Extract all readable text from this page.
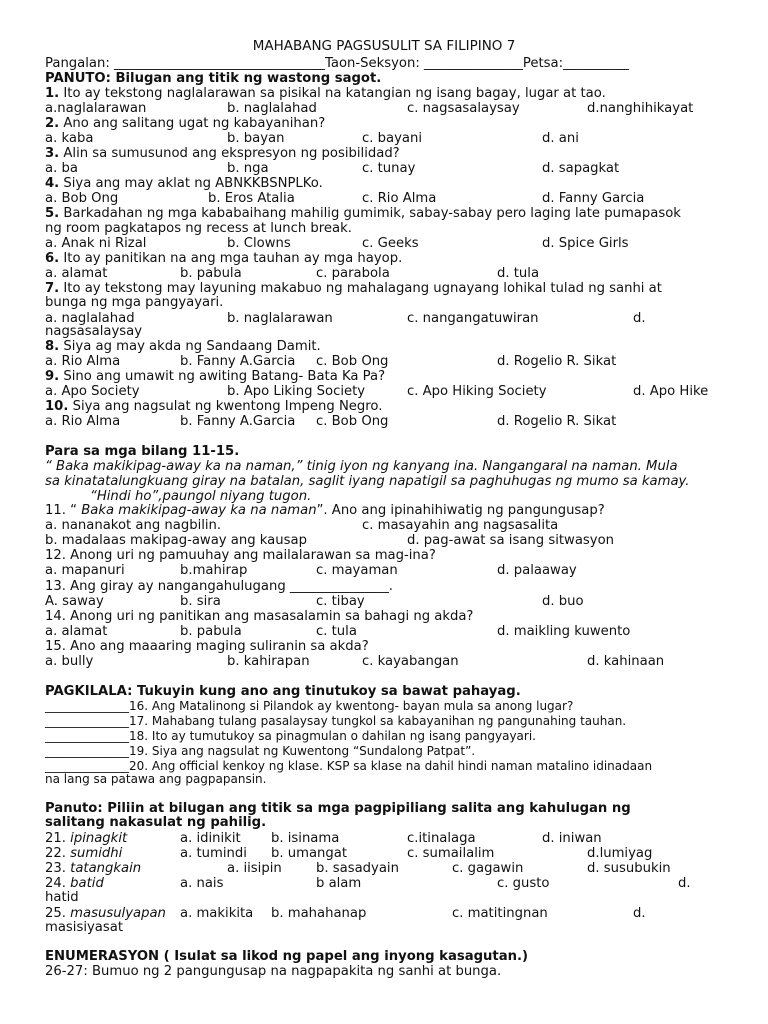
MAHABANG PAGSUSULIT SA FILIPINO 7
Pangalan: ________________________________Taon-Seksyon: _______________Petsa:__________
PANUTO: Bilugan ang titik ng wastong sagot.
1. Ito ay tekstong naglalarawan sa pisikal na katangian ng isang bagay, lugar at tao.
a.naglalarawan	b. naglalahad	c. nagsasalaysay	d.nanghihikayat
2. Ano ang salitang ugat ng kabayanihan?
a. kaba	b. bayan	c. bayani	d. ani
3. Alin sa sumusunod ang ekspresyon ng posibilidad?
a. ba	b. nga	c. tunay	d. sapagkat
4. Siya ang may aklat ng ABNKKBSNPLKo.
a. Bob Ong	b. Eros Atalia	c. Rio Alma	d. Fanny Garcia
5. Barkadahan ng mga kababaihang mahilig gumimik, sabay-sabay pero laging late pumapasok
ng room pagkatapos ng recess at lunch break.
a. Anak ni Rizal	b. Clowns	c. Geeks	d. Spice Girls
6. Ito ay panitikan na ang mga tauhan ay mga hayop.
a. alamat	b. pabula	c. parabola	d. tula
7. Ito ay tekstong may layuning makabuo ng mahalagang ugnayang lohikal tulad ng sanhi at
bunga ng mga pangyayari.
a. naglalahad	b. naglalarawan	c. nangangatuwiran	d.
nagsasalaysay
8. Siya ag may akda ng Sandaang Damit.
a. Rio Alma	b. Fanny A.Garcia c. Bob Ong	d. Rogelio R. Sikat
9. Sino ang umawit ng awiting Batang- Bata Ka Pa?
a. Apo Society	b. Apo Liking Society	c. Apo Hiking Society	d. Apo Hike
10. Siya ang nagsulat ng kwentong Impeng Negro.
a. Rio Alma	b. Fanny A.Garcia c. Bob Ong	d. Rogelio R. Sikat
Para sa mga bilang 11-15.
“ Baka makikipag-away ka na naman,” tinig iyon ng kanyang ina. Nangangaral na naman. Mula
sa kinatatalungkuang giray na batalan, saglit iyang napatigil sa paghuhugas ng mumo sa kamay.
“Hindi ho”,paungol niyang tugon.
11. “ Baka makikipag-away ka na naman”. Ano ang ipinahihiwatig ng pangungusap?
a. nananakot ang nagbilin.	c. masayahin ang nagsasalita
b. madalaas makipag-away ang kausap	d. pag-awat sa isang sitwasyon
12. Anong uri ng pamuuhay ang mailalarawan sa mag-ina?
a. mapanuri	b.mahirap	c. mayaman	d. palaaway
13. Ang giray ay nangangahulugang _______________.
A. saway	b. sira	c. tibay	d. buo
14. Anong uri ng panitikan ang masasalamin sa bahagi ng akda?
a. alamat	b. pabula	c. tula	d. maikling kuwento
15. Ano ang maaaring maging suliranin sa akda?
a. bully	b. kahirapan	c. kayabangan	d. kahinaan
PAGKILALA: Tukuyin kung ano ang tinutukoy sa bawat pahayag.
______________16. Ang Matalinong si Pilandok ay kwentong- bayan mula sa anong lugar?
______________17. Mahabang tulang pasalaysay tungkol sa kabayanihan ng pangunahing tauhan.
______________18. Ito ay tumutukoy sa pinagmulan o dahilan ng isang pangyayari.
______________19. Siya ang nagsulat ng Kuwentong “Sundalong Patpat”.
______________20. Ang official kenkoy ng klase. KSP sa klase na dahil hindi naman matalino idinadaan
na lang sa patawa ang pagpapansin.
Panuto: Piliin at bilugan ang titik sa mga pagpipiliang salita ang kahulugan ng
salitang nakasulat ng pahilig.
21. ipinagkit	a. idinikit b. isinama	c.itinalaga	d. iniwan
22. sumidhi	a. tumindi b. umangat	c. sumailalim	d.lumiyag
23. tatangkain	a. iisipin	b. sasadyain	c. gagawin	d. susubukin
24. batid	a. nais	b alam	c. gusto	d.
hatid
25. masusulyapan a. makikita b. mahahanap	c. matitingnan	d.
masisiyasat
ENUMERASYON ( Isulat sa likod ng papel ang inyong kasagutan.)
26-27: Bumuo ng 2 pangungusap na nagpapakita ng sanhi at bunga.
